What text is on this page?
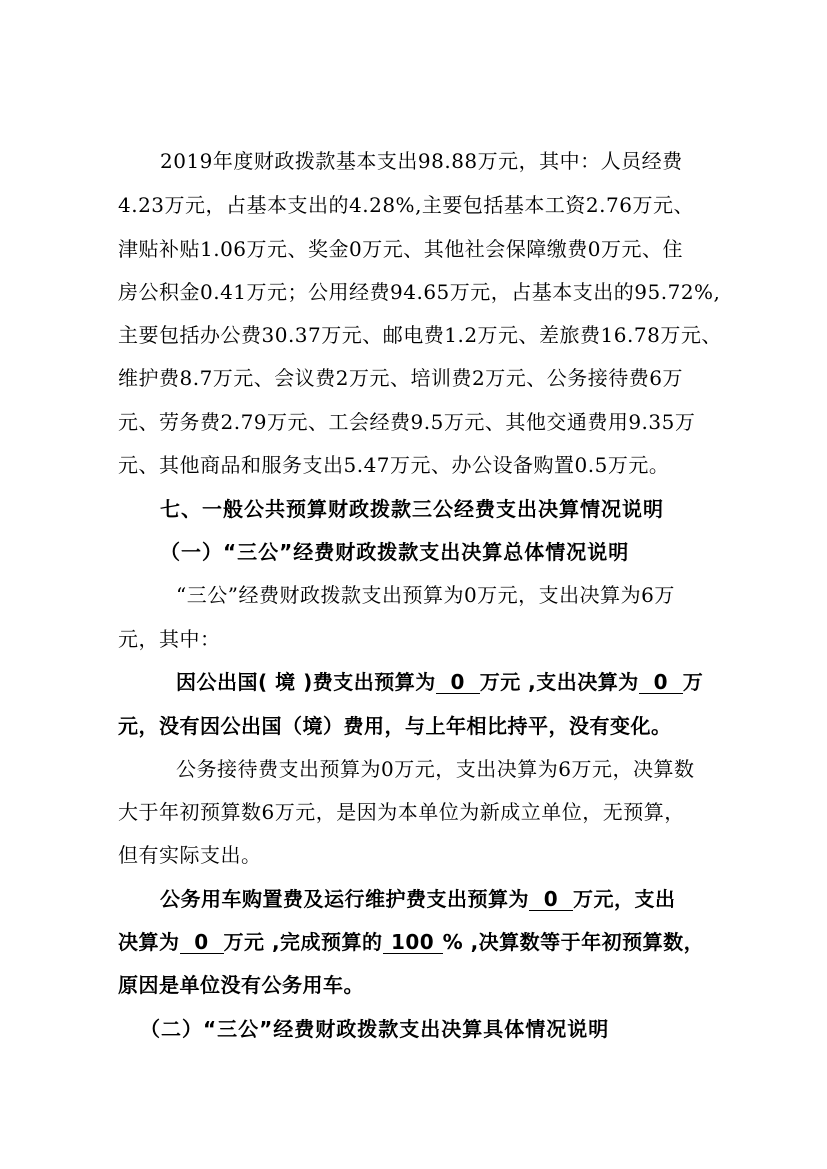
2019年度财政拨款基本支出98.88万元，其中：人员经费
4.23万元，占基本支出的4.28%,主要包括基本工资2.76万元、
津贴补贴1.06万元、奖金0万元、其他社会保障缴费0万元、住
房公积金0.41万元；公用经费94.65万元，占基本支出的95.72%,
主要包括办公费30.37万元、邮电费1.2万元、差旅费16.78万元、
维护费8.7万元、会议费2万元、培训费2万元、公务接待费6万
元、劳务费2.79万元、工会经费9.5万元、其他交通费用9.35万
元、其他商品和服务支出5.47万元、办公设备购置0.5万元。
七、一般公共预算财政拨款三公经费支出决算情况说明
（一）“三公”经费财政拨款支出决算总体情况说明
“三公”经费财政拨款支出预算为0万元，支出决算为6万
元，其中：
因公出国( 境 )费支出预算为 0 万元 ,支出决算为 0 万
元，没有因公出国（境）费用，与上年相比持平，没有变化。
公务接待费支出预算为0万元，支出决算为6万元，决算数
大于年初预算数6万元，是因为本单位为新成立单位，无预算，
但有实际支出。
公务用车购置费及运行维护费支出预算为 0 万元，支出
决算为 0 万元 ,完成预算的 100 % ,决算数等于年初预算数，
原因是单位没有公务用车。
（二）“三公”经费财政拨款支出决算具体情况说明
